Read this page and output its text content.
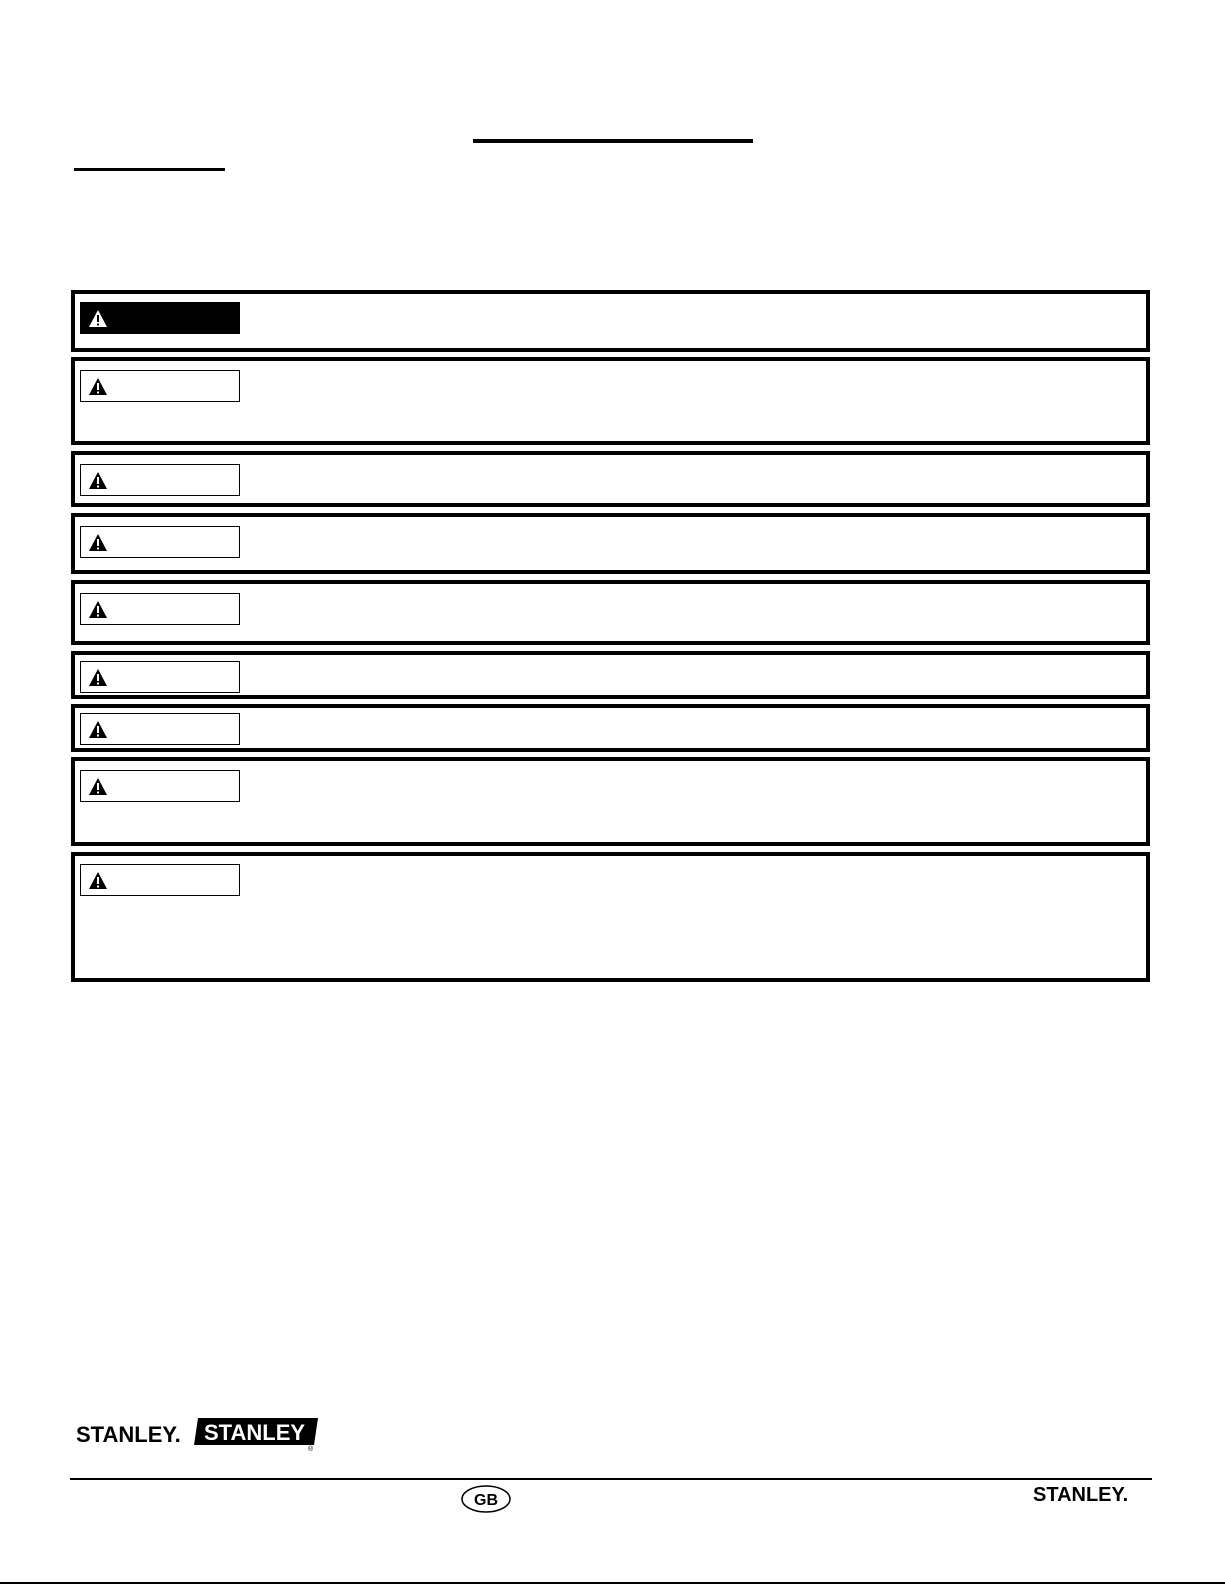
STANLEY. STANLEY
®
GB	STANLEY.
